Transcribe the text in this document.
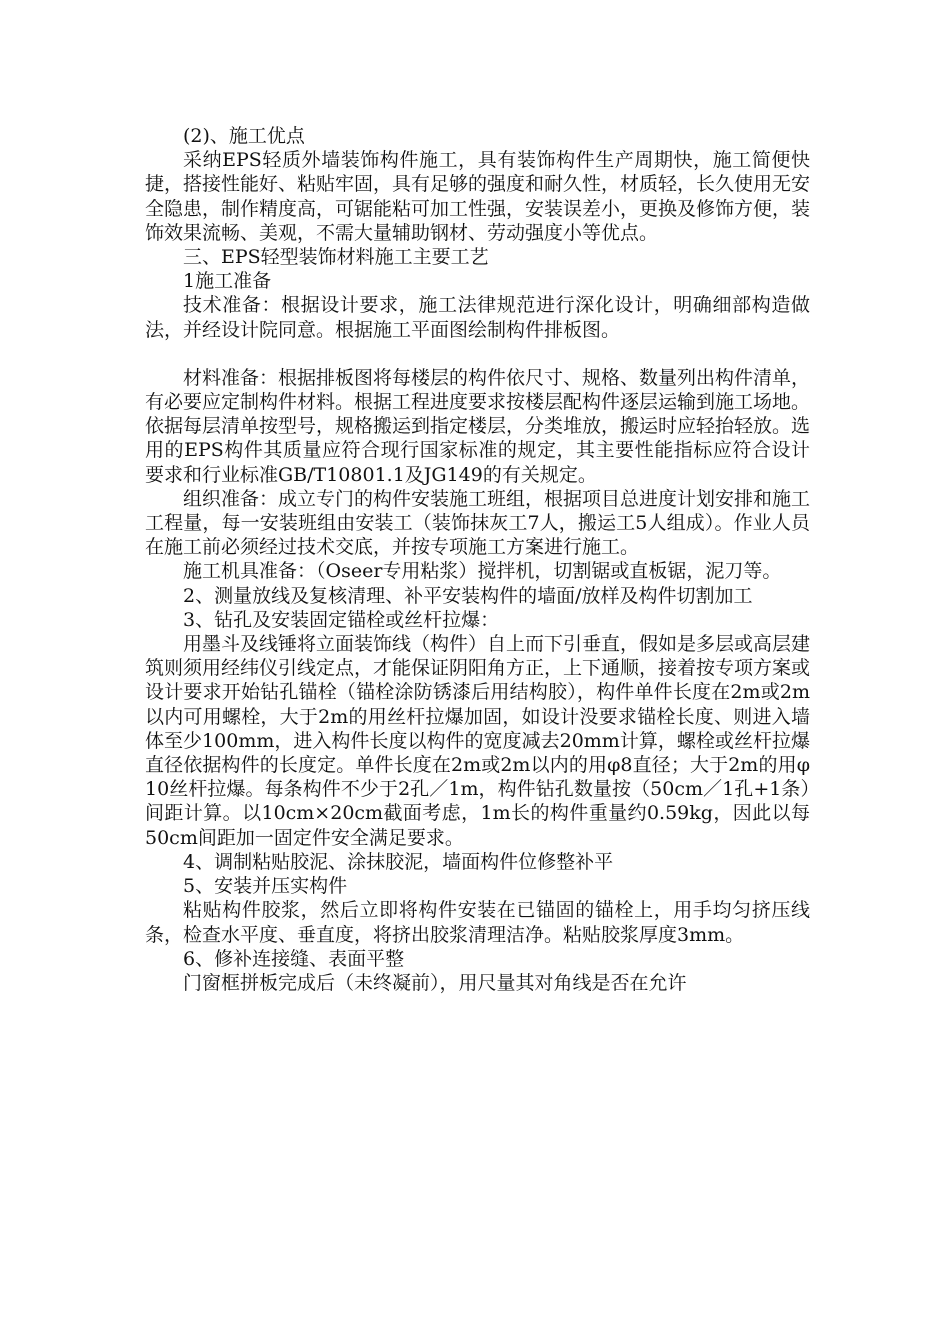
(2)、施工优点

采纳EPS轻质外墙装饰构件施工，具有装饰构件生产周期快，施工简便快捷，搭接性能好、粘贴牢固，具有足够的强度和耐久性，材质轻，长久使用无安全隐患，制作精度高，可锯能粘可加工性强，安装误差小，更换及修饰方便，装饰效果流畅、美观，不需大量辅助钢材、劳动强度小等优点。

三、EPS轻型装饰材料施工主要工艺

1施工准备

技术准备：根据设计要求，施工法律规范进行深化设计，明确细部构造做法，并经设计院同意。根据施工平面图绘制构件排板图。

材料准备：根据排板图将每楼层的构件依尺寸、规格、数量列出构件清单，有必要应定制构件材料。根据工程进度要求按楼层配构件逐层运输到施工场地。依据每层清单按型号，规格搬运到指定楼层，分类堆放，搬运时应轻抬轻放。选用的EPS构件其质量应符合现行国家标准的规定，其主要性能指标应符合设计要求和行业标准GB/T10801.1及JG149的有关规定。

组织准备：成立专门的构件安装施工班组，根据项目总进度计划安排和施工工程量，每一安装班组由安装工（装饰抹灰工7人，搬运工5人组成）。作业人员在施工前必须经过技术交底，并按专项施工方案进行施工。

施工机具准备：（Oseer专用粘浆）搅拌机，切割锯或直板锯，泥刀等。

2、测量放线及复核清理、补平安装构件的墙面/放样及构件切割加工

3、钻孔及安装固定锚栓或丝杆拉爆：

用墨斗及线锤将立面装饰线（构件）自上而下引垂直，假如是多层或高层建筑则须用经纬仪引线定点，才能保证阴阳角方正，上下通顺，接着按专项方案或设计要求开始钻孔锚栓（锚栓涂防锈漆后用结构胶），构件单件长度在2m或2m以内可用螺栓，大于2m的用丝杆拉爆加固，如设计没要求锚栓长度、则进入墙体至少100mm，进入构件长度以构件的宽度减去20mm计算，螺栓或丝杆拉爆直径依据构件的长度定。单件长度在2m或2m以内的用φ8直径；大于2m的用φ10丝杆拉爆。每条构件不少于2孔／1m，构件钻孔数量按（50cm／1孔+1条）间距计算。以10cm×20cm截面考虑，1m长的构件重量约0.59kg，因此以每50cm间距加一固定件安全满足要求。

4、调制粘贴胶泥、涂抹胶泥，墙面构件位修整补平

5、安装并压实构件

粘贴构件胶浆，然后立即将构件安装在已锚固的锚栓上，用手均匀挤压线条，检查水平度、垂直度，将挤出胶浆清理洁净。粘贴胶浆厚度3mm。

6、修补连接缝、表面平整

门窗框拼板完成后（未终凝前），用尺量其对角线是否在允许
